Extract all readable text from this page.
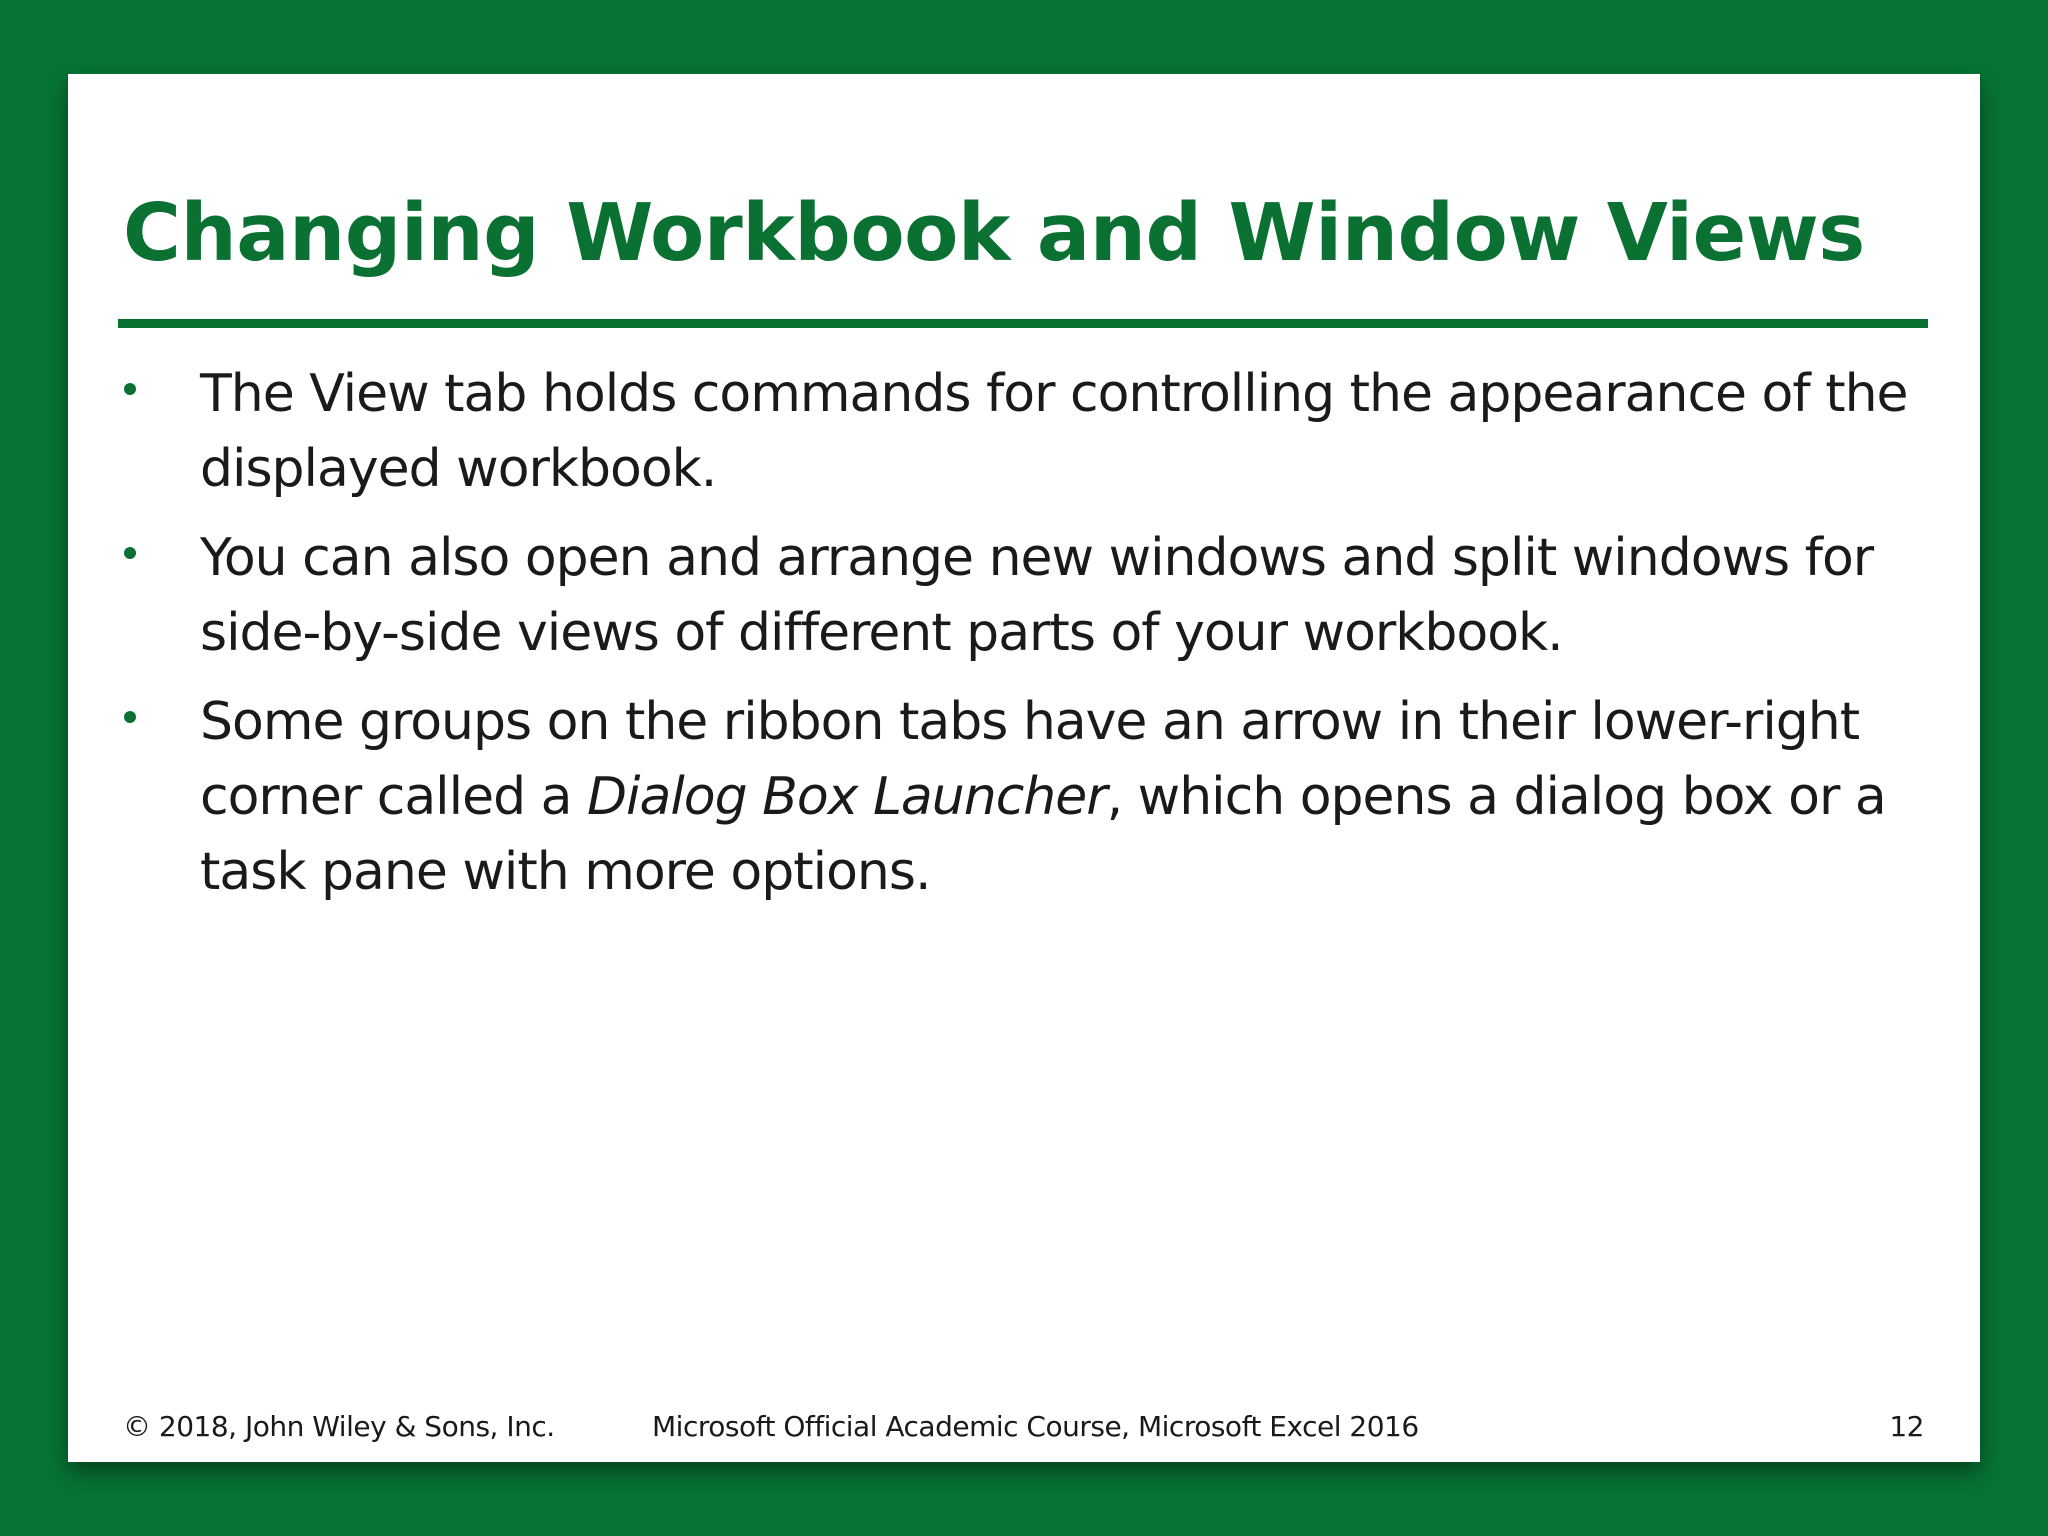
Changing Workbook and Window Views
The View tab holds commands for controlling the appearance of the displayed workbook.
You can also open and arrange new windows and split windows for side-by-side views of different parts of your workbook.
Some groups on the ribbon tabs have an arrow in their lower-right corner called a Dialog Box Launcher, which opens a dialog box or a task pane with more options.
© 2018, John Wiley & Sons, Inc.	Microsoft Official Academic Course, Microsoft Excel 2016	12
